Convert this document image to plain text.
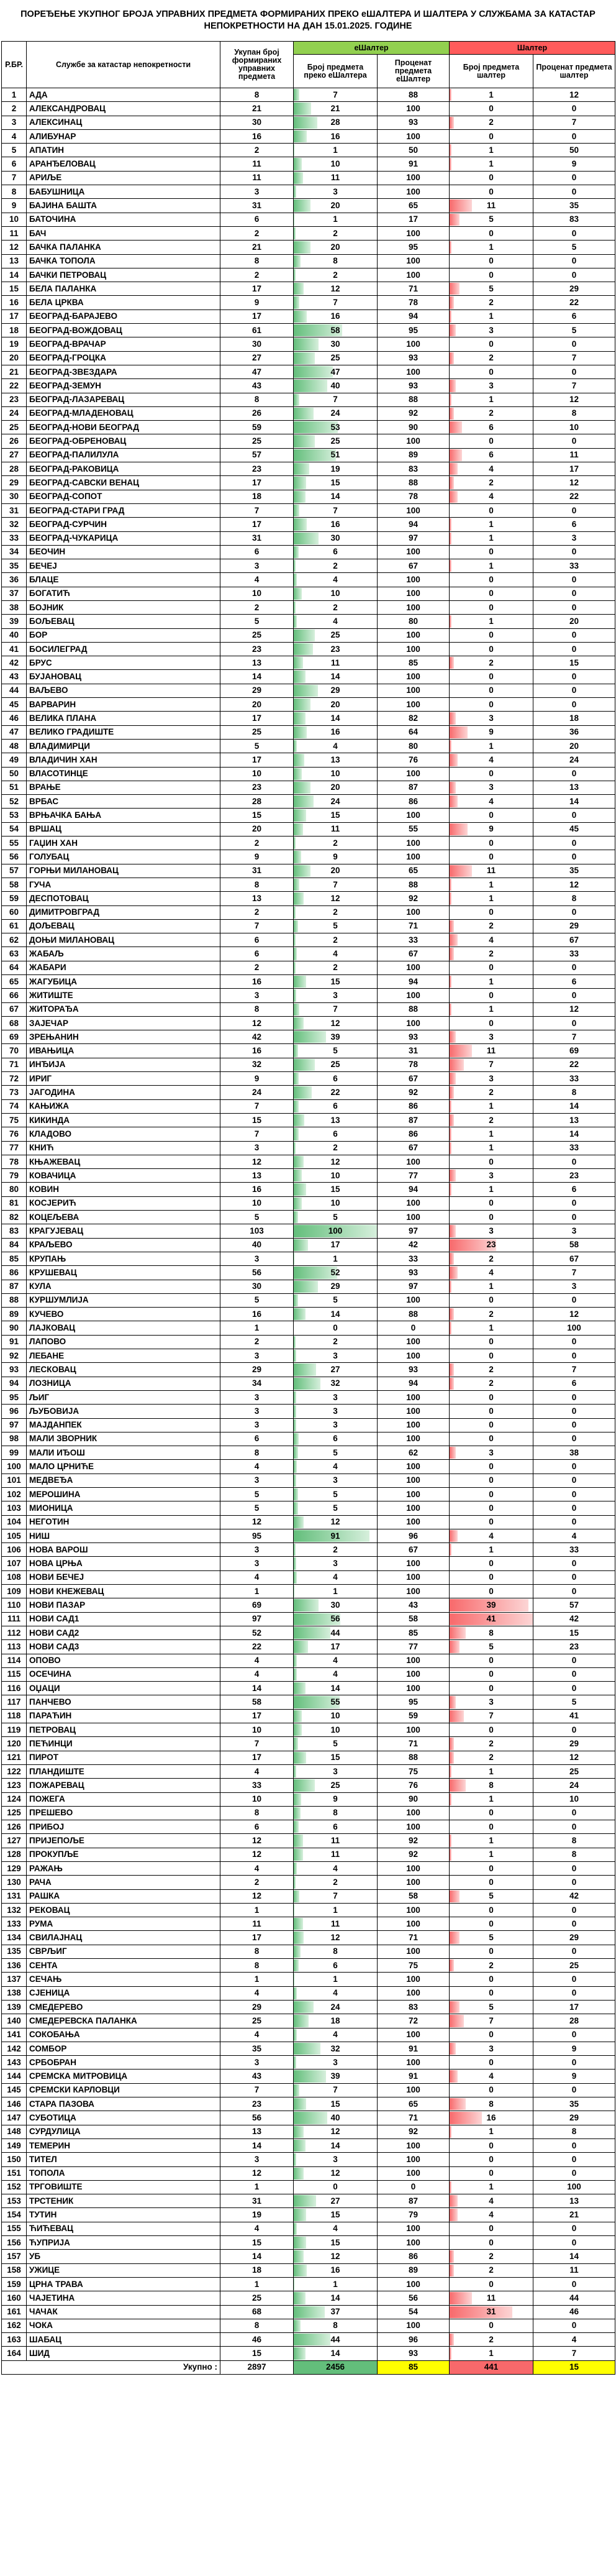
ПОРЕЂЕЊЕ УКУПНОГ БРОЈА УПРАВНИХ ПРЕДМЕТА ФОРМИРАНИХ ПРЕКО еШАЛТЕРА И ШАЛТЕРА У СЛУЖБАМА ЗА КАТАСТАР НЕПОКРЕТНОСТИ НА ДАН 15.01.2025. ГОДИНЕ
Р.БР.	Службе за катастар непокретности	Укупан број формираних управних предмета	еШалтер		Шалтер	
			Број предмета преко еШалтера	Проценат предмета еШалтер	Број предмета шалтер	Проценат предмета шалтер
1	АДА	8	7	88	1	12
2	АЛЕКСАНДРОВАЦ	21	21	100	0	0
3	АЛЕКСИНАЦ	30	28	93	2	7
4	АЛИБУНАР	16	16	100	0	0
5	АПАТИН	2	1	50	1	50
6	АРАНЂЕЛОВАЦ	11	10	91	1	9
7	АРИЉЕ	11	11	100	0	0
8	БАБУШНИЦА	3	3	100	0	0
9	БАЈИНА БАШТА	31	20	65	11	35
10	БАТОЧИНА	6	1	17	5	83
11	БАЧ	2	2	100	0	0
12	БАЧКА ПАЛАНКА	21	20	95	1	5
13	БАЧКА ТОПОЛА	8	8	100	0	0
14	БАЧКИ ПЕТРОВАЦ	2	2	100	0	0
15	БЕЛА ПАЛАНКА	17	12	71	5	29
16	БЕЛА ЦРКВА	9	7	78	2	22
17	БЕОГРАД-БАРАЈЕВО	17	16	94	1	6
18	БЕОГРАД-ВОЖДОВАЦ	61	58	95	3	5
19	БЕОГРАД-ВРАЧАР	30	30	100	0	0
20	БЕОГРАД-ГРОЦКА	27	25	93	2	7
21	БЕОГРАД-ЗВЕЗДАРА	47	47	100	0	0
22	БЕОГРАД-ЗЕМУН	43	40	93	3	7
23	БЕОГРАД-ЛАЗАРЕВАЦ	8	7	88	1	12
24	БЕОГРАД-МЛАДЕНОВАЦ	26	24	92	2	8
25	БЕОГРАД-НОВИ БЕОГРАД	59	53	90	6	10
26	БЕОГРАД-ОБРЕНОВАЦ	25	25	100	0	0
27	БЕОГРАД-ПАЛИЛУЛА	57	51	89	6	11
28	БЕОГРАД-РАКОВИЦА	23	19	83	4	17
29	БЕОГРАД-САВСКИ ВЕНАЦ	17	15	88	2	12
30	БЕОГРАД-СОПОТ	18	14	78	4	22
31	БЕОГРАД-СТАРИ ГРАД	7	7	100	0	0
32	БЕОГРАД-СУРЧИН	17	16	94	1	6
33	БЕОГРАД-ЧУКАРИЦА	31	30	97	1	3
34	БЕОЧИН	6	6	100	0	0
35	БЕЧЕЈ	3	2	67	1	33
36	БЛАЦЕ	4	4	100	0	0
37	БОГАТИЋ	10	10	100	0	0
38	БОЈНИК	2	2	100	0	0
39	БОЉЕВАЦ	5	4	80	1	20
40	БОР	25	25	100	0	0
41	БОСИЛЕГРАД	23	23	100	0	0
42	БРУС	13	11	85	2	15
43	БУЈАНОВАЦ	14	14	100	0	0
44	ВАЉЕВО	29	29	100	0	0
45	ВАРВАРИН	20	20	100	0	0
46	ВЕЛИКА ПЛАНА	17	14	82	3	18
47	ВЕЛИКО ГРАДИШТЕ	25	16	64	9	36
48	ВЛАДИМИРЦИ	5	4	80	1	20
49	ВЛАДИЧИН ХАН	17	13	76	4	24
50	ВЛАСОТИНЦЕ	10	10	100	0	0
51	ВРАЊЕ	23	20	87	3	13
52	ВРБАС	28	24	86	4	14
53	ВРЊАЧКА БАЊА	15	15	100	0	0
54	ВРШАЦ	20	11	55	9	45
55	ГАЏИН ХАН	2	2	100	0	0
56	ГОЛУБАЦ	9	9	100	0	0
57	ГОРЊИ МИЛАНОВАЦ	31	20	65	11	35
58	ГУЧА	8	7	88	1	12
59	ДЕСПОТОВАЦ	13	12	92	1	8
60	ДИМИТРОВГРАД	2	2	100	0	0
61	ДОЉЕВАЦ	7	5	71	2	29
62	ДОЊИ МИЛАНОВАЦ	6	2	33	4	67
63	ЖАБАЉ	6	4	67	2	33
64	ЖАБАРИ	2	2	100	0	0
65	ЖАГУБИЦА	16	15	94	1	6
66	ЖИТИШТЕ	3	3	100	0	0
67	ЖИТОРАЂА	8	7	88	1	12
68	ЗАЈЕЧАР	12	12	100	0	0
69	ЗРЕЊАНИН	42	39	93	3	7
70	ИВАЊИЦА	16	5	31	11	69
71	ИНЂИЈА	32	25	78	7	22
72	ИРИГ	9	6	67	3	33
73	ЈАГОДИНА	24	22	92	2	8
74	КАЊИЖА	7	6	86	1	14
75	КИКИНДА	15	13	87	2	13
76	КЛАДОВО	7	6	86	1	14
77	КНИЋ	3	2	67	1	33
78	КЊАЖЕВАЦ	12	12	100	0	0
79	КОВАЧИЦА	13	10	77	3	23
80	КОВИН	16	15	94	1	6
81	КОСЈЕРИЋ	10	10	100	0	0
82	КОЦЕЉЕВА	5	5	100	0	0
83	КРАГУЈЕВАЦ	103	100	97	3	3
84	КРАЉЕВО	40	17	42	23	58
85	КРУПАЊ	3	1	33	2	67
86	КРУШЕВАЦ	56	52	93	4	7
87	КУЛА	30	29	97	1	3
88	КУРШУМЛИЈА	5	5	100	0	0
89	КУЧЕВО	16	14	88	2	12
90	ЛАЈКОВАЦ	1	0	0	1	100
91	ЛАПОВО	2	2	100	0	0
92	ЛЕБАНЕ	3	3	100	0	0
93	ЛЕСКОВАЦ	29	27	93	2	7
94	ЛОЗНИЦА	34	32	94	2	6
95	ЉИГ	3	3	100	0	0
96	ЉУБОВИЈА	3	3	100	0	0
97	МАЈДАНПЕК	3	3	100	0	0
98	МАЛИ ЗВОРНИК	6	6	100	0	0
99	МАЛИ ИЂОШ	8	5	62	3	38
100	МАЛО ЦРНИЋЕ	4	4	100	0	0
101	МЕДВЕЂА	3	3	100	0	0
102	МЕРОШИНА	5	5	100	0	0
103	МИОНИЦА	5	5	100	0	0
104	НЕГОТИН	12	12	100	0	0
105	НИШ	95	91	96	4	4
106	НОВА ВАРОШ	3	2	67	1	33
107	НОВА ЦРЊА	3	3	100	0	0
108	НОВИ БЕЧЕЈ	4	4	100	0	0
109	НОВИ КНЕЖЕВАЦ	1	1	100	0	0
110	НОВИ ПАЗАР	69	30	43	39	57
111	НОВИ САД1	97	56	58	41	42
112	НОВИ САД2	52	44	85	8	15
113	НОВИ САД3	22	17	77	5	23
114	ОПОВО	4	4	100	0	0
115	ОСЕЧИНА	4	4	100	0	0
116	ОЏАЦИ	14	14	100	0	0
117	ПАНЧЕВО	58	55	95	3	5
118	ПАРАЋИН	17	10	59	7	41
119	ПЕТРОВАЦ	10	10	100	0	0
120	ПЕЋИНЦИ	7	5	71	2	29
121	ПИРОТ	17	15	88	2	12
122	ПЛАНДИШТЕ	4	3	75	1	25
123	ПОЖАРЕВАЦ	33	25	76	8	24
124	ПОЖЕГА	10	9	90	1	10
125	ПРЕШЕВО	8	8	100	0	0
126	ПРИБОЈ	6	6	100	0	0
127	ПРИЈЕПОЉЕ	12	11	92	1	8
128	ПРОКУПЉЕ	12	11	92	1	8
129	РАЖАЊ	4	4	100	0	0
130	РАЧА	2	2	100	0	0
131	РАШКА	12	7	58	5	42
132	РЕКОВАЦ	1	1	100	0	0
133	РУМА	11	11	100	0	0
134	СВИЛАЈНАЦ	17	12	71	5	29
135	СВРЉИГ	8	8	100	0	0
136	СЕНТА	8	6	75	2	25
137	СЕЧАЊ	1	1	100	0	0
138	СЈЕНИЦА	4	4	100	0	0
139	СМЕДЕРЕВО	29	24	83	5	17
140	СМЕДЕРЕВСКА ПАЛАНКА	25	18	72	7	28
141	СОКОБАЊА	4	4	100	0	0
142	СОМБОР	35	32	91	3	9
143	СРБОБРАН	3	3	100	0	0
144	СРЕМСКА МИТРОВИЦА	43	39	91	4	9
145	СРЕМСКИ КАРЛОВЦИ	7	7	100	0	0
146	СТАРА ПАЗОВА	23	15	65	8	35
147	СУБОТИЦА	56	40	71	16	29
148	СУРДУЛИЦА	13	12	92	1	8
149	ТЕМЕРИН	14	14	100	0	0
150	ТИТЕЛ	3	3	100	0	0
151	ТОПОЛА	12	12	100	0	0
152	ТРГОВИШТЕ	1	0	0	1	100
153	ТРСТЕНИК	31	27	87	4	13
154	ТУТИН	19	15	79	4	21
155	ЋИЋЕВАЦ	4	4	100	0	0
156	ЋУПРИЈА	15	15	100	0	0
157	УБ	14	12	86	2	14
158	УЖИЦЕ	18	16	89	2	11
159	ЦРНА ТРАВА	1	1	100	0	0
160	ЧАЈЕТИНА	25	14	56	11	44
161	ЧАЧАК	68	37	54	31	46
162	ЧОКА	8	8	100	0	0
163	ШАБАЦ	46	44	96	2	4
164	ШИД	15	14	93	1	7
Укупно :		2897	2456	85	441	15
